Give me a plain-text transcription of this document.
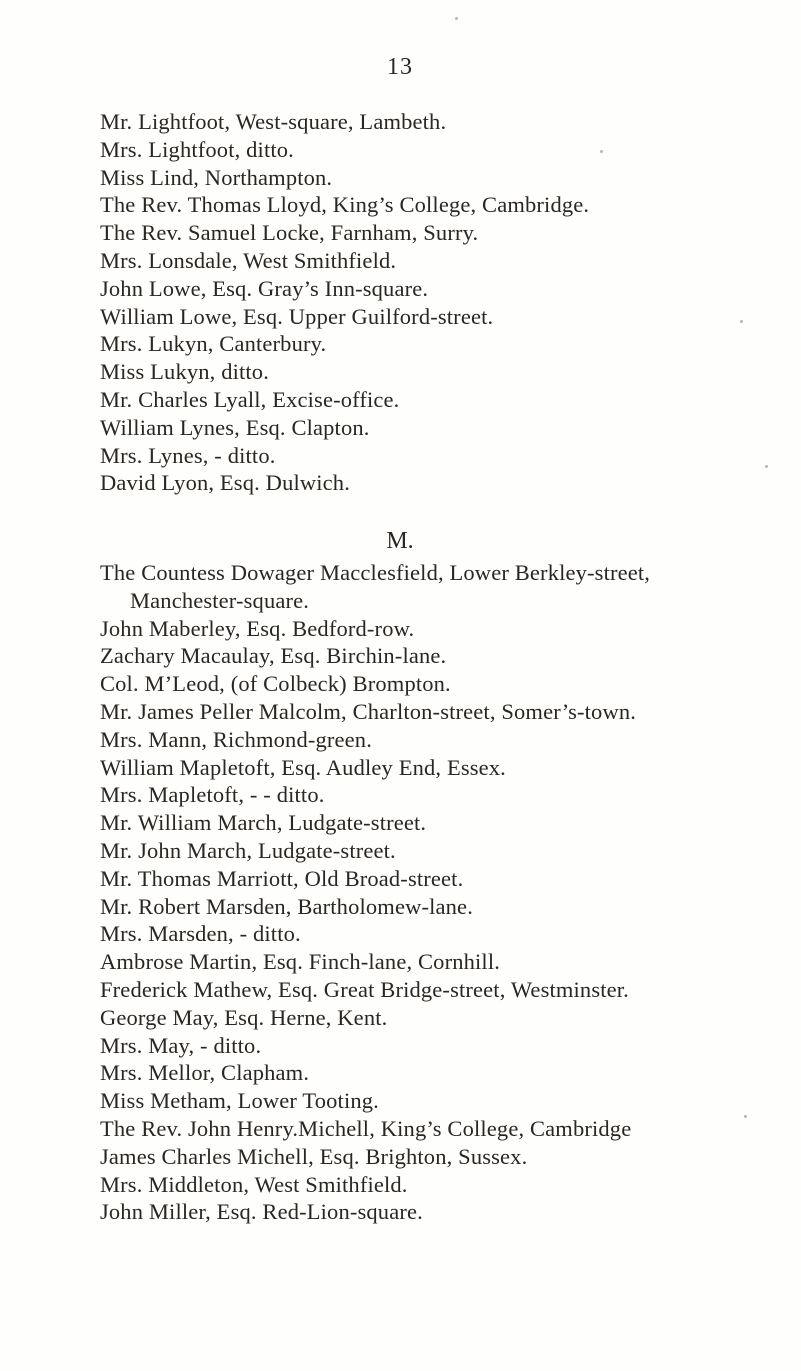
13
Mr. Lightfoot, West-square, Lambeth.
Mrs. Lightfoot, ditto.
Miss Lind, Northampton.
The Rev. Thomas Lloyd, King’s College, Cambridge.
The Rev. Samuel Locke, Farnham, Surry.
Mrs. Lonsdale, West Smithfield.
John Lowe, Esq. Gray’s Inn-square.
William Lowe, Esq. Upper Guilford-street.
Mrs. Lukyn, Canterbury.
Miss Lukyn, ditto.
Mr. Charles Lyall, Excise-office.
William Lynes, Esq. Clapton.
Mrs. Lynes, - ditto.
David Lyon, Esq. Dulwich.
M.
The Countess Dowager Macclesfield, Lower Berkley-street,
Manchester-square.
John Maberley, Esq. Bedford-row.
Zachary Macaulay, Esq. Birchin-lane.
Col. M’Leod, (of Colbeck) Brompton.
Mr. James Peller Malcolm, Charlton-street, Somer’s-town.
Mrs. Mann, Richmond-green.
William Mapletoft, Esq. Audley End, Essex.
Mrs. Mapletoft, - - ditto.
Mr. William March, Ludgate-street.
Mr. John March, Ludgate-street.
Mr. Thomas Marriott, Old Broad-street.
Mr. Robert Marsden, Bartholomew-lane.
Mrs. Marsden, - ditto.
Ambrose Martin, Esq. Finch-lane, Cornhill.
Frederick Mathew, Esq. Great Bridge-street, Westminster.
George May, Esq. Herne, Kent.
Mrs. May, - ditto.
Mrs. Mellor, Clapham.
Miss Metham, Lower Tooting.
The Rev. John Henry.Michell, King’s College, Cambridge
James Charles Michell, Esq. Brighton, Sussex.
Mrs. Middleton, West Smithfield.
John Miller, Esq. Red-Lion-square.
